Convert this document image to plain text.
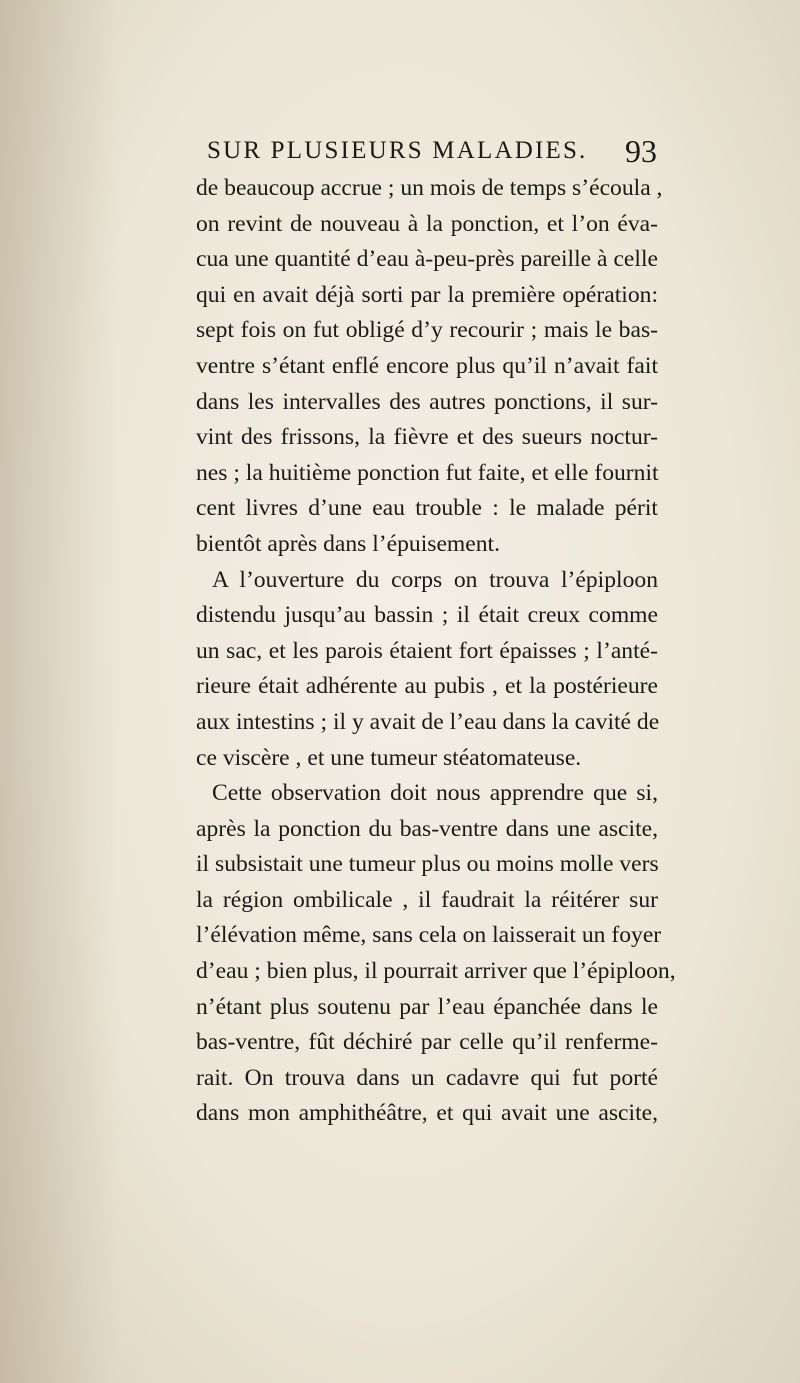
SUR PLUSIEURS MALADIES. 93
de beaucoup accrue ; un mois de temps s’écoula ,
on revint de nouveau à la ponction, et l’on éva-
cua une quantité d’eau à-peu-près pareille à celle
qui en avait déjà sorti par la première opération:
sept fois on fut obligé d’y recourir ; mais le bas-
ventre s’étant enflé encore plus qu’il n’avait fait
dans les intervalles des autres ponctions, il sur-
vint des frissons, la fièvre et des sueurs noctur-
nes ; la huitième ponction fut faite, et elle fournit
cent livres d’une eau trouble : le malade périt
bientôt après dans l’épuisement.
A l’ouverture du corps on trouva l’épiploon
distendu jusqu’au bassin ; il était creux comme
un sac, et les parois étaient fort épaisses ; l’anté-
rieure était adhérente au pubis , et la postérieure
aux intestins ; il y avait de l’eau dans la cavité de
ce viscère , et une tumeur stéatomateuse.
Cette observation doit nous apprendre que si,
après la ponction du bas-ventre dans une ascite,
il subsistait une tumeur plus ou moins molle vers
la région ombilicale , il faudrait la réitérer sur
l’élévation même, sans cela on laisserait un foyer
d’eau ; bien plus, il pourrait arriver que l’épiploon,
n’étant plus soutenu par l’eau épanchée dans le
bas-ventre, fût déchiré par celle qu’il renferme-
rait. On trouva dans un cadavre qui fut porté
dans mon amphithéâtre, et qui avait une ascite,
